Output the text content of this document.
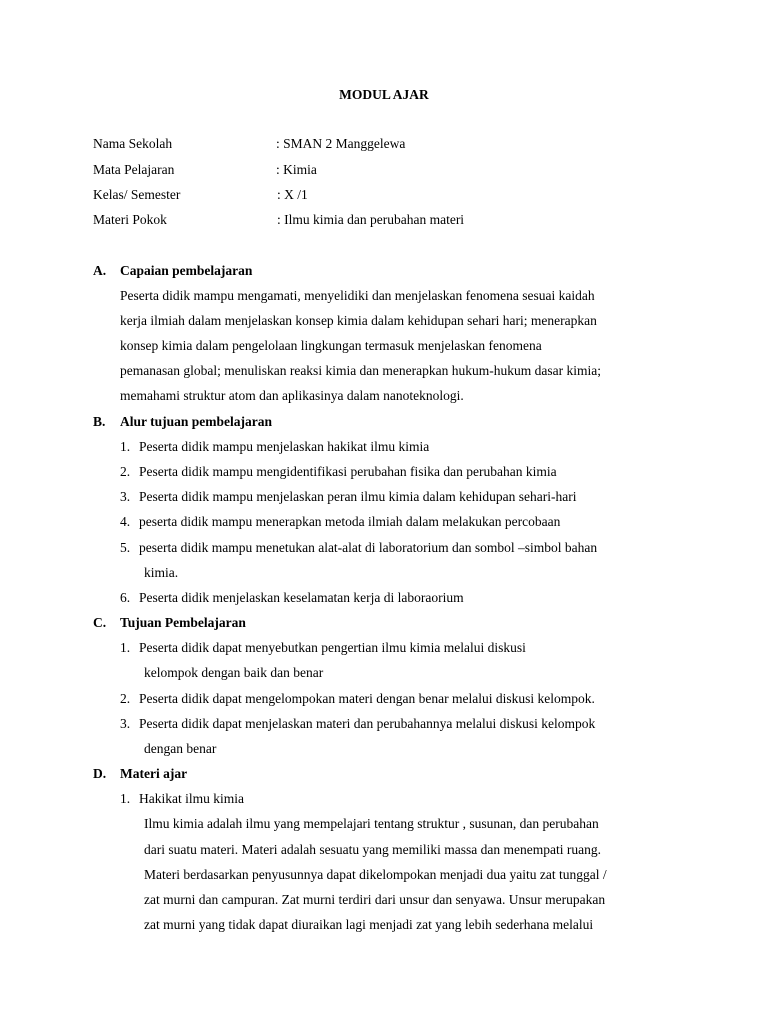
MODUL AJAR
Nama Sekolah	: SMAN 2 Manggelewa
Mata Pelajaran	: Kimia
Kelas/ Semester	: X /1
Materi Pokok	: Ilmu kimia dan perubahan materi
A. Capaian pembelajaran
Peserta didik mampu mengamati, menyelidiki dan menjelaskan fenomena sesuai kaidah
kerja ilmiah dalam menjelaskan konsep kimia dalam kehidupan sehari hari; menerapkan
konsep kimia dalam pengelolaan lingkungan termasuk menjelaskan fenomena
pemanasan global; menuliskan reaksi kimia dan menerapkan hukum-hukum dasar kimia;
memahami struktur atom dan aplikasinya dalam nanoteknologi.
B. Alur tujuan pembelajaran
1. Peserta didik mampu menjelaskan hakikat ilmu kimia
2. Peserta didik mampu mengidentifikasi perubahan fisika dan perubahan kimia
3. Peserta didik mampu menjelaskan peran ilmu kimia dalam kehidupan sehari-hari
4. peserta didik mampu menerapkan metoda ilmiah dalam melakukan percobaan
5. peserta didik mampu menetukan alat-alat di laboratorium dan sombol –simbol bahan
kimia.
6. Peserta didik menjelaskan keselamatan kerja di laboraorium
C. Tujuan Pembelajaran
1. Peserta didik dapat menyebutkan pengertian ilmu kimia melalui diskusi
kelompok dengan baik dan benar
2. Peserta didik dapat mengelompokan materi dengan benar melalui diskusi kelompok.
3. Peserta didik dapat menjelaskan materi dan perubahannya melalui diskusi kelompok
dengan benar
D. Materi ajar
1. Hakikat ilmu kimia
Ilmu kimia adalah ilmu yang mempelajari tentang struktur , susunan, dan perubahan
dari suatu materi. Materi adalah sesuatu yang memiliki massa dan menempati ruang.
Materi berdasarkan penyusunnya dapat dikelompokan menjadi dua yaitu zat tunggal /
zat murni dan campuran. Zat murni terdiri dari unsur dan senyawa. Unsur merupakan
zat murni yang tidak dapat diuraikan lagi menjadi zat yang lebih sederhana melalui
